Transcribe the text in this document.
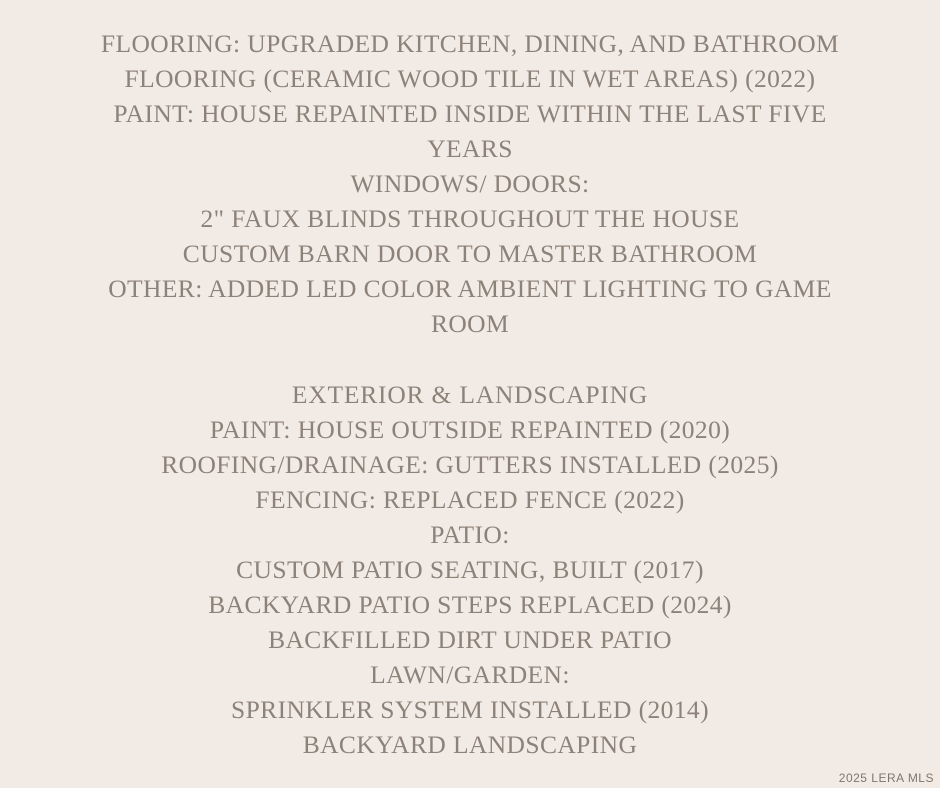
FLOORING: UPGRADED KITCHEN, DINING, AND BATHROOM FLOORING (CERAMIC WOOD TILE IN WET AREAS) (2022)
PAINT: HOUSE REPAINTED INSIDE WITHIN THE LAST FIVE YEARS
WINDOWS/ DOORS:
2" FAUX BLINDS THROUGHOUT THE HOUSE
CUSTOM BARN DOOR TO MASTER BATHROOM
OTHER: ADDED LED COLOR AMBIENT LIGHTING TO GAME ROOM
EXTERIOR & LANDSCAPING
PAINT: HOUSE OUTSIDE REPAINTED (2020)
ROOFING/DRAINAGE: GUTTERS INSTALLED (2025)
FENCING: REPLACED FENCE (2022)
PATIO:
CUSTOM PATIO SEATING, BUILT (2017)
BACKYARD PATIO STEPS REPLACED (2024)
BACKFILLED DIRT UNDER PATIO
LAWN/GARDEN:
SPRINKLER SYSTEM INSTALLED (2014)
BACKYARD LANDSCAPING
2025 LERA MLS
